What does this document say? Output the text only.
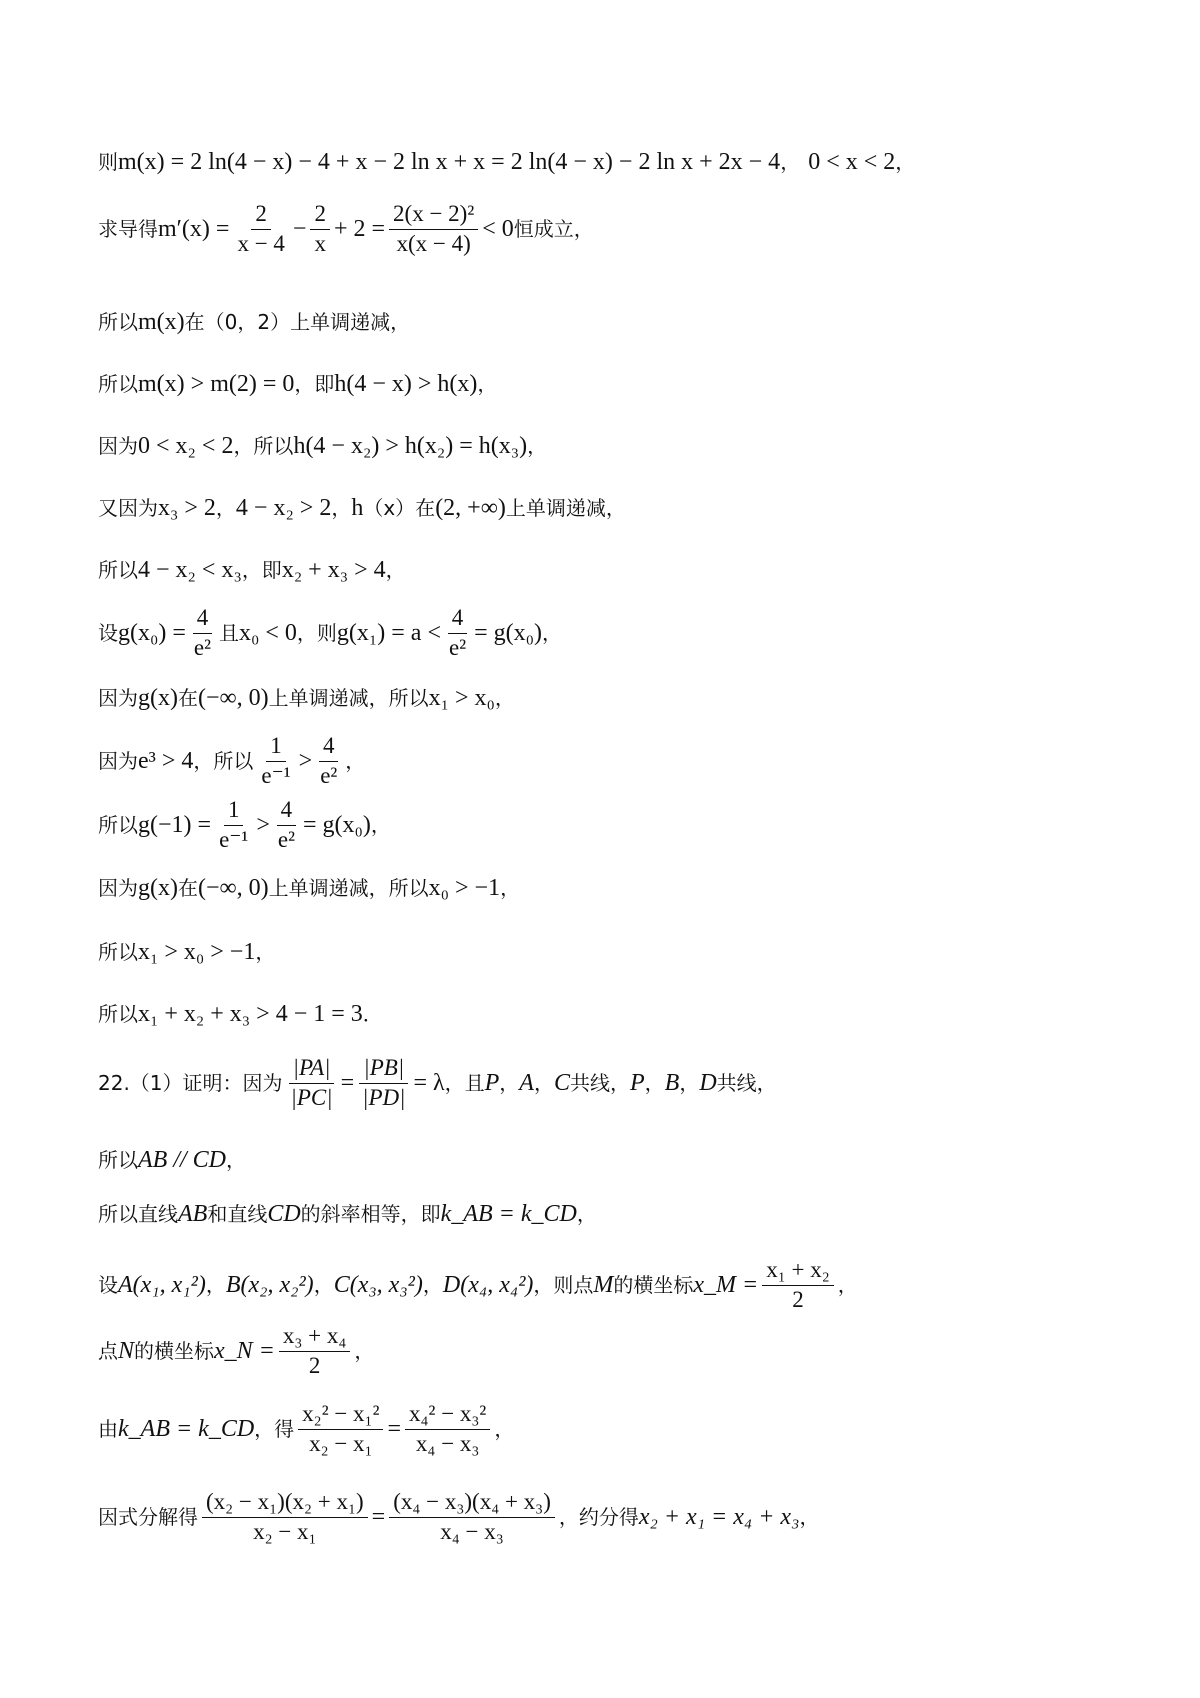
则 m(x) = 2 ln(4 − x) − 4 + x − 2 ln x + x = 2 ln(4 − x) − 2 ln x + 2x − 4 ， 0 < x < 2 ，
求导得 $m'(x) = \frac{2}{x - 4} - \frac{2}{x} + 2 = \frac{\text{2(x − 2)²}}{x(x - 4)} < 0$ 恒成立，
所以 m(x) 在（0，2）上单调递减，
所以 m(x) > m(2) = 0 ，即 h(4 − x) > h(x) ，
因为 0 < x₂ < 2 ，所以 h(4 − x₂) > h(x₂) = h(x₃) ，
又因为 x₃ > 2 ， 4 − x₂ > 2 ， h （x）在 (2, +∞) 上单调递减，
所以 4 − x₂ < x₃ ，即 x₂ + x₃ > 4 ，
设 $g(x_0) = \frac{4}{\text{e²}}$ 且 x₀ < 0 ，则 $g(x_1) = a < \frac{4}{\text{e²}} = g(x_0)$ ，
因为 g(x) 在 (−∞, 0) 上单调递减，所以 x₁ > x₀ ，
因为 e³ > 4 ，所以 $\frac{1}{\text{e⁻¹}} > \frac{4}{\text{e²}}$ ，
所以 $g(-1) = \frac{1}{\text{e⁻¹}} > \frac{4}{\text{e²}} = g(x_0)$ ，
因为 g(x) 在 (−∞, 0) 上单调递减，所以 x₀ > −1 ，
所以 x₁ > x₀ > −1 ，
所以 x₁ + x₂ + x₃ > 4 − 1 = 3 ．
22.（1）证明：因为 $\frac{|PA|}{|PC|} = \frac{|PB|}{|PD|} = \lambda$ ，且 P ， A ， C 共线， P ， B ， D 共线，
所以 AB // CD ，
所以直线 AB 和直线 CD 的斜率相等，即 k_AB = k_CD ，
设 A(x₁, x₁²) ， B(x₂, x₂²) ， C(x₃, x₃²) ， D(x₄, x₄²) ，则点 M 的横坐标 x_M = $\frac{\text{x₁ + x₂}}{2}$ ，
点 N 的横坐标 x_N = $\frac{\text{x₃ + x₄}}{2}$ ，
由 k_AB = k_CD ，得 $\frac{\text{x₂² − x₁²}}{\text{x₂ − x₁}} = \frac{\text{x₄² − x₃²}}{\text{x₄ − x₃}}$ ，
因式分解得 $\frac{\text{(x₂ − x₁)(x₂ + x₁)}}{\text{x₂ − x₁}} = \frac{\text{(x₄ − x₃)(x₄ + x₃)}}{\text{x₄ − x₃}}$ ，约分得 x₂ + x₁ = x₄ + x₃ ，
